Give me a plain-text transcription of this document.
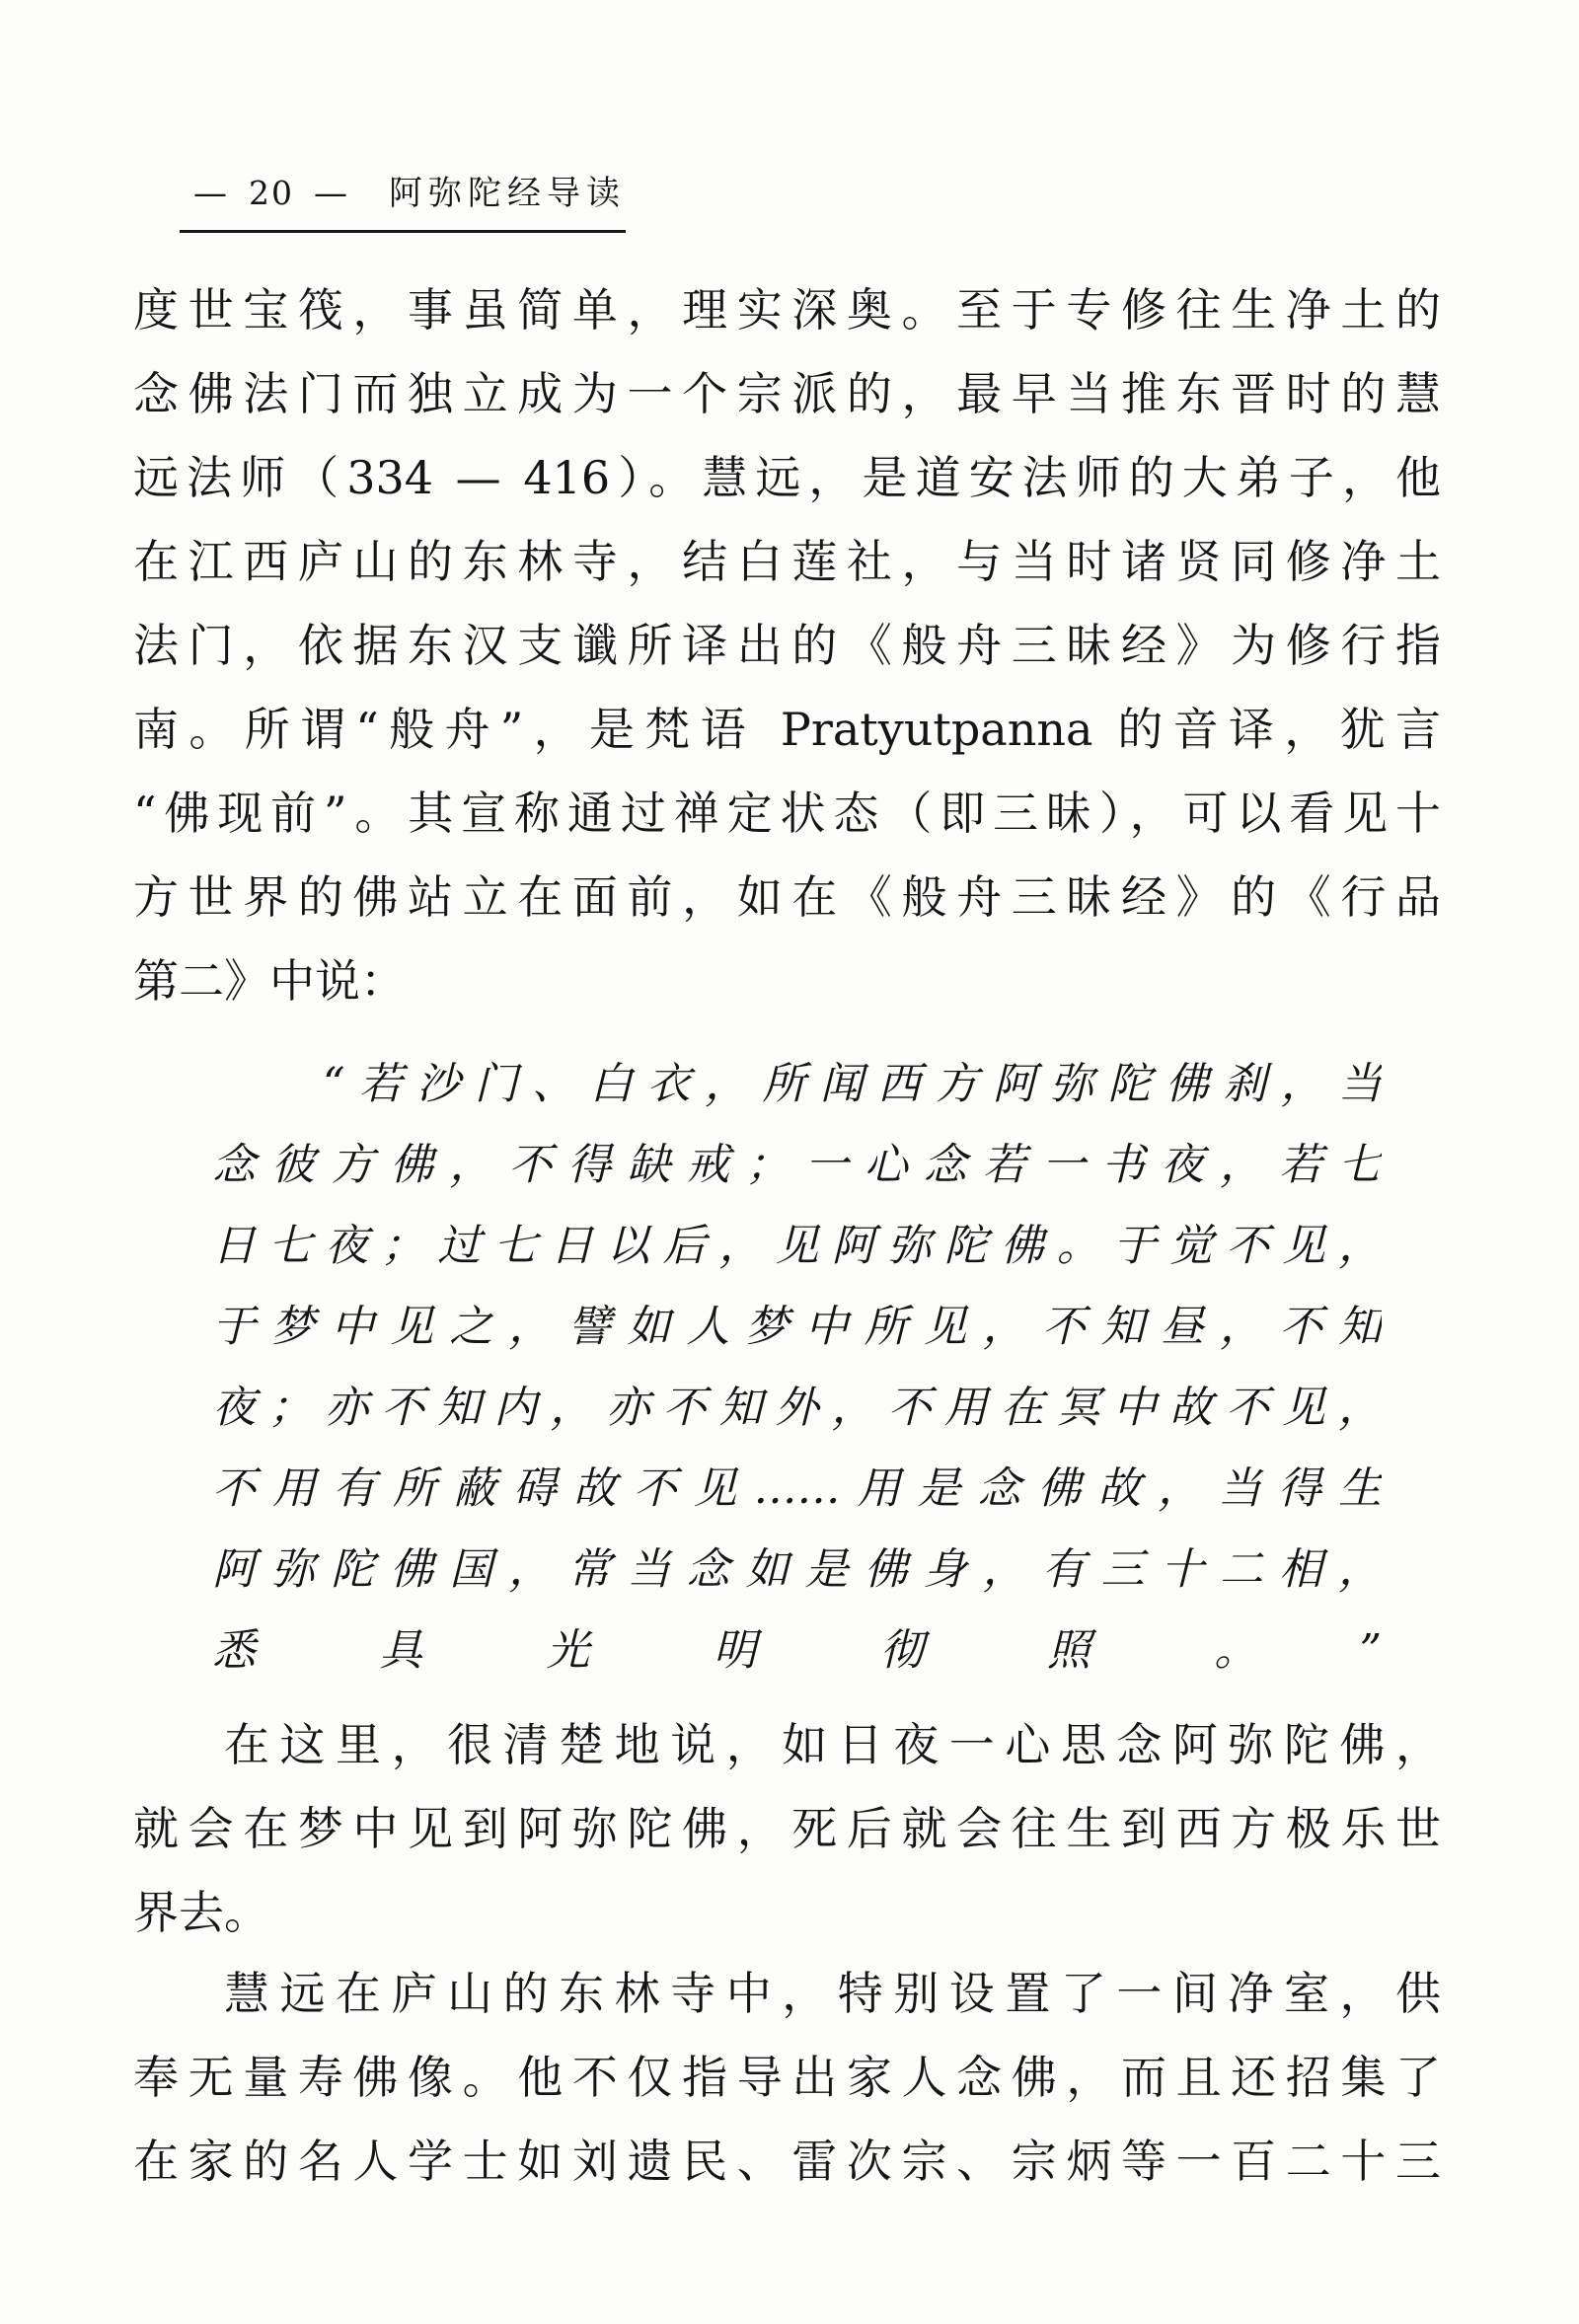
— 20 — 阿弥陀经导读
度世宝筏，事虽简单，理实深奥。至于专修往生净土的
念佛法门而独立成为一个宗派的，最早当推东晋时的慧
远法师（334 — 416）。慧远，是道安法师的大弟子，他
在江西庐山的东林寺，结白莲社，与当时诸贤同修净土
法门，依据东汉支谶所译出的《般舟三昧经》为修行指
南。所谓“般舟”，是梵语 Pratyutpanna 的音译，犹言
“佛现前”。其宣称通过禅定状态（即三昧），可以看见十
方世界的佛站立在面前，如在《般舟三昧经》的《行品
第二》中说：
“若沙门、白衣，所闻西方阿弥陀佛刹，当
念彼方佛，不得缺戒；一心念若一书夜，若七
日七夜；过七日以后，见阿弥陀佛。于觉不见，
于梦中见之，譬如人梦中所见，不知昼，不知
夜；亦不知内，亦不知外，不用在冥中故不见，
不用有所蔽碍故不见……用是念佛故，当得生
阿弥陀佛国，常当念如是佛身，有三十二相，
悉具光明彻照。”
在这里，很清楚地说，如日夜一心思念阿弥陀佛，
就会在梦中见到阿弥陀佛，死后就会往生到西方极乐世
界去。
慧远在庐山的东林寺中，特别设置了一间净室，供
奉无量寿佛像。他不仅指导出家人念佛，而且还招集了
在家的名人学士如刘遗民、雷次宗、宗炳等一百二十三
